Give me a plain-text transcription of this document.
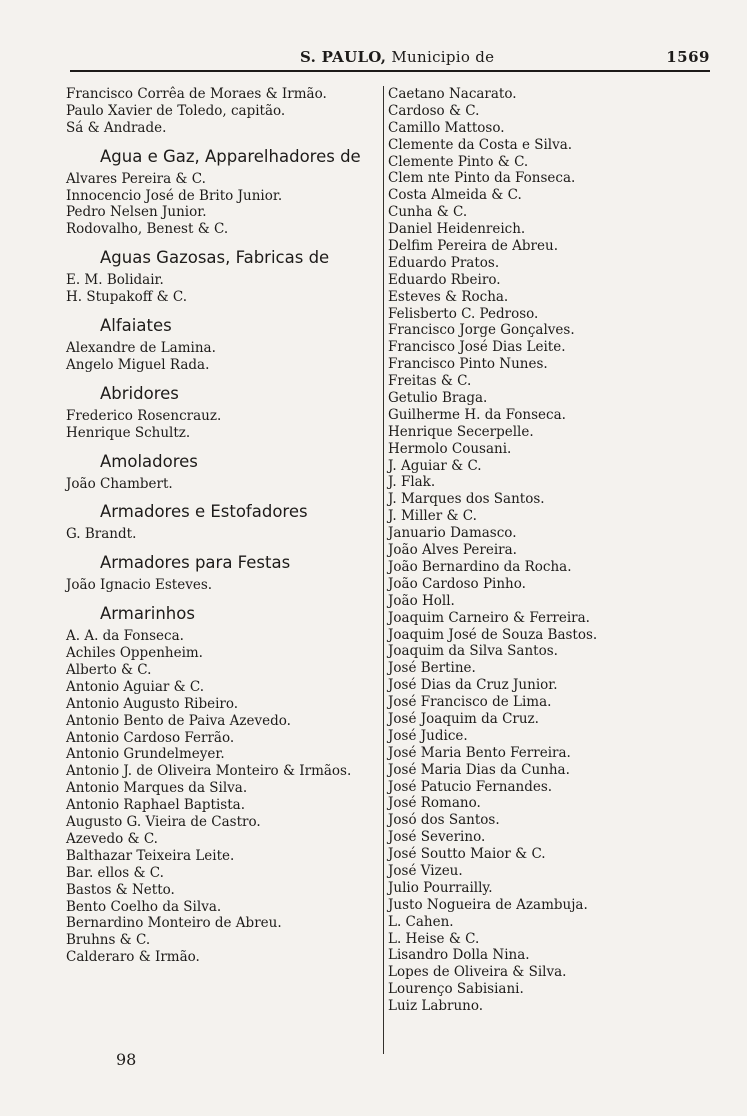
S. PAULO, Municipio de	1569
Francisco Corrêa de Moraes & Irmão.
Paulo Xavier de Toledo, capitão.
Sá & Andrade.
Agua e Gaz, Apparelhadores de
Alvares Pereira & C.
Innocencio José de Brito Junior.
Pedro Nelsen Junior.
Rodovalho, Benest & C.
Aguas Gazosas, Fabricas de
E. M. Bolidair.
H. Stupakoff & C.
Alfaiates
Alexandre de Lamina.
Angelo Miguel Rada.
Abridores
Frederico Rosencrauz.
Henrique Schultz.
Amoladores
João Chambert.
Armadores e Estofadores
G. Brandt.
Armadores para Festas
João Ignacio Esteves.
Armarinhos
A. A. da Fonseca.
Achiles Oppenheim.
Alberto & C.
Antonio Aguiar & C.
Antonio Augusto Ribeiro.
Antonio Bento de Paiva Azevedo.
Antonio Cardoso Ferrão.
Antonio Grundelmeyer.
Antonio J. de Oliveira Monteiro & Irmãos.
Antonio Marques da Silva.
Antonio Raphael Baptista.
Augusto G. Vieira de Castro.
Azevedo & C.
Balthazar Teixeira Leite.
Bar. ellos & C.
Bastos & Netto.
Bento Coelho da Silva.
Bernardino Monteiro de Abreu.
Bruhns & C.
Calderaro & Irmão.
Caetano Nacarato.
Cardoso & C.
Camillo Mattoso.
Clemente da Costa e Silva.
Clemente Pinto & C.
Clem nte Pinto da Fonseca.
Costa Almeida & C.
Cunha & C.
Daniel Heidenreich.
Delfim Pereira de Abreu.
Eduardo Pratos.
Eduardo Rbeiro.
Esteves & Rocha.
Felisberto C. Pedroso.
Francisco Jorge Gonçalves.
Francisco José Dias Leite.
Francisco Pinto Nunes.
Freitas & C.
Getulio Braga.
Guilherme H. da Fonseca.
Henrique Secerpelle.
Hermolo Cousani.
J. Aguiar & C.
J. Flak.
J. Marques dos Santos.
J. Miller & C.
Januario Damasco.
João Alves Pereira.
João Bernardino da Rocha.
João Cardoso Pinho.
João Holl.
Joaquim Carneiro & Ferreira.
Joaquim José de Souza Bastos.
Joaquim da Silva Santos.
José Bertine.
José Dias da Cruz Junior.
José Francisco de Lima.
José Joaquim da Cruz.
José Judice.
José Maria Bento Ferreira.
José Maria Dias da Cunha.
José Patucio Fernandes.
José Romano.
Josó dos Santos.
José Severino.
José Soutto Maior & C.
José Vizeu.
Julio Pourrailly.
Justo Nogueira de Azambuja.
L. Cahen.
L. Heise & C.
Lisandro Dolla Nina.
Lopes de Oliveira & Silva.
Lourenço Sabisiani.
Luiz Labruno.
98
